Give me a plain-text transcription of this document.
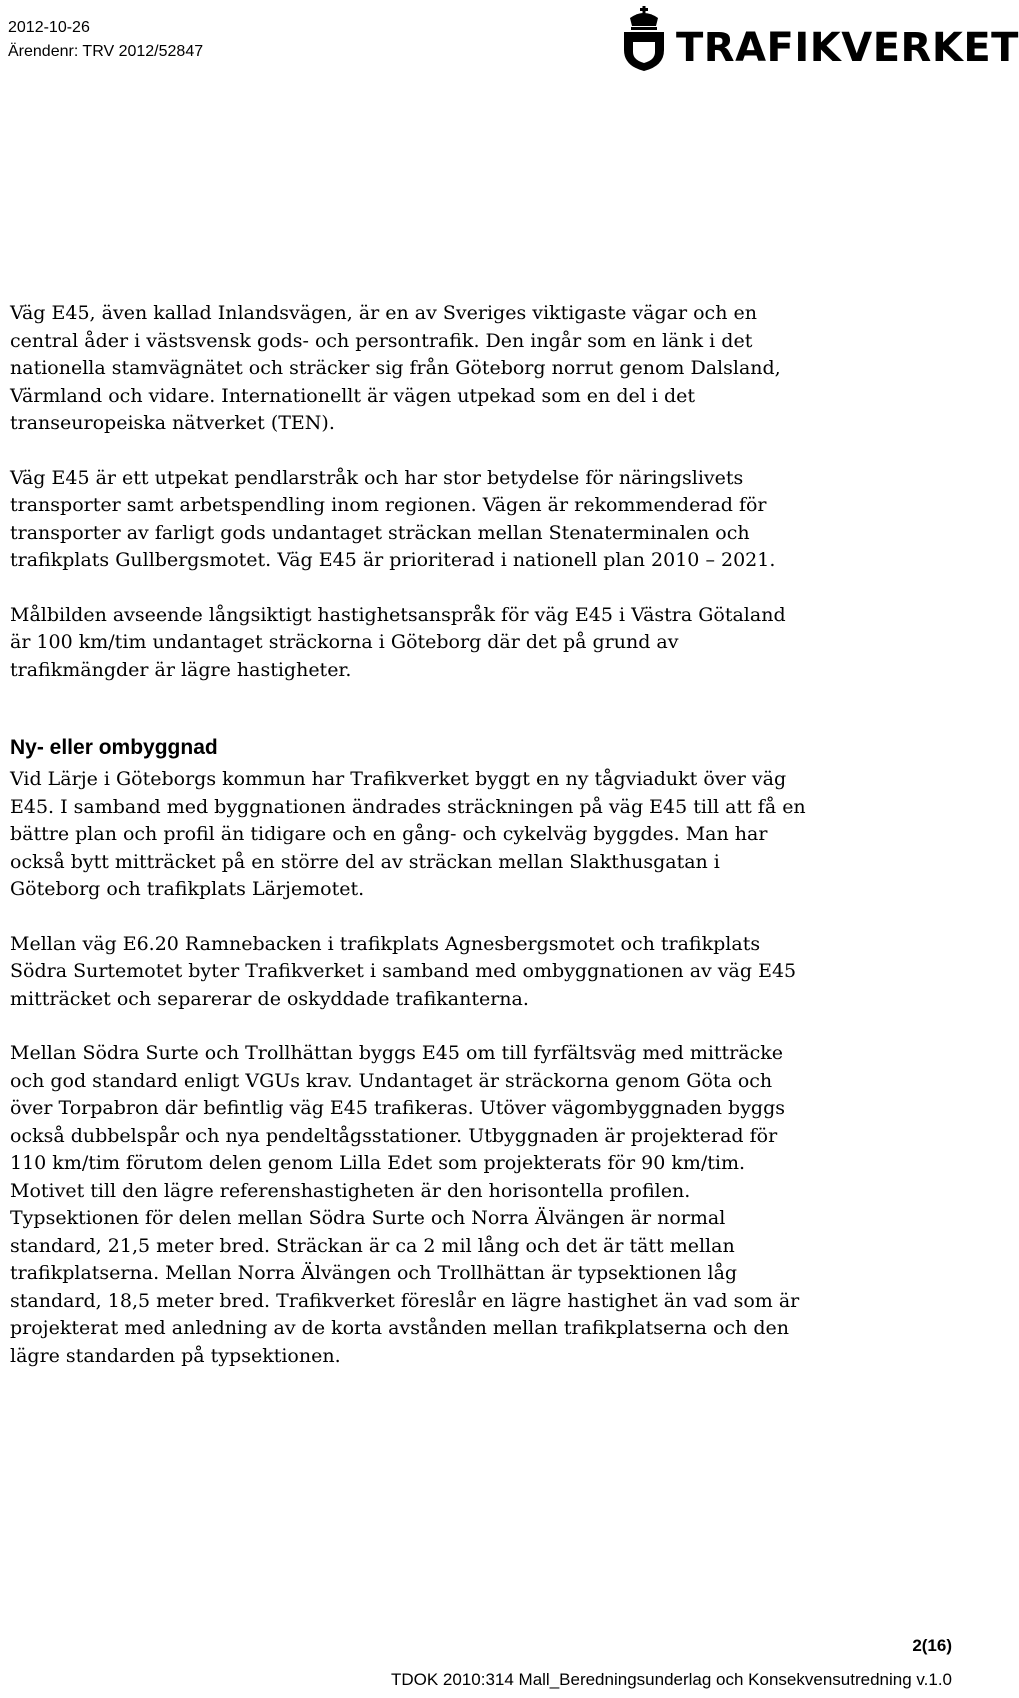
2012-10-26
Ärendenr: TRV 2012/52847	TRAFIKVERKET

Väg E45, även kallad Inlandsvägen, är en av Sveriges viktigaste vägar och en central åder i västsvensk gods- och persontrafik. Den ingår som en länk i det nationella stamvägnätet och sträcker sig från Göteborg norrut genom Dalsland, Värmland och vidare. Internationellt är vägen utpekad som en del i det transeuropeiska nätverket (TEN).

Väg E45 är ett utpekat pendlarstråk och har stor betydelse för näringslivets transporter samt arbetspendling inom regionen. Vägen är rekommenderad för transporter av farligt gods undantaget sträckan mellan Stenaterminalen och trafikplats Gullbergsmotet. Väg E45 är prioriterad i nationell plan 2010 – 2021.

Målbilden avseende långsiktigt hastighetsanspråk för väg E45 i Västra Götaland är 100 km/tim undantaget sträckorna i Göteborg där det på grund av trafikmängder är lägre hastigheter.

Ny- eller ombyggnad

Vid Lärje i Göteborgs kommun har Trafikverket byggt en ny tågviadukt över väg E45. I samband med byggnationen ändrades sträckningen på väg E45 till att få en bättre plan och profil än tidigare och en gång- och cykelväg byggdes. Man har också bytt mitträcket på en större del av sträckan mellan Slakthusgatan i Göteborg och trafikplats Lärjemotet.

Mellan väg E6.20 Ramnebacken i trafikplats Agnesbergsmotet och trafikplats Södra Surtemotet byter Trafikverket i samband med ombyggnationen av väg E45 mitträcket och separerar de oskyddade trafikanterna.

Mellan Södra Surte och Trollhättan byggs E45 om till fyrfältsväg med mitträcke och god standard enligt VGUs krav. Undantaget är sträckorna genom Göta och över Torpabron där befintlig väg E45 trafikeras. Utöver vägombyggnaden byggs också dubbelspår och nya pendeltågsstationer. Utbyggnaden är projekterad för 110 km/tim förutom delen genom Lilla Edet som projekterats för 90 km/tim. Motivet till den lägre referenshastigheten är den horisontella profilen.

Typsektionen för delen mellan Södra Surte och Norra Älvängen är normal standard, 21,5 meter bred. Sträckan är ca 2 mil lång och det är tätt mellan trafikplatserna. Mellan Norra Älvängen och Trollhättan är typsektionen låg standard, 18,5 meter bred. Trafikverket föreslår en lägre hastighet än vad som är projekterat med anledning av de korta avstånden mellan trafikplatserna och den lägre standarden på typsektionen.

2(16)
TDOK 2010:314 Mall_Beredningsunderlag och Konsekvensutredning v.1.0
